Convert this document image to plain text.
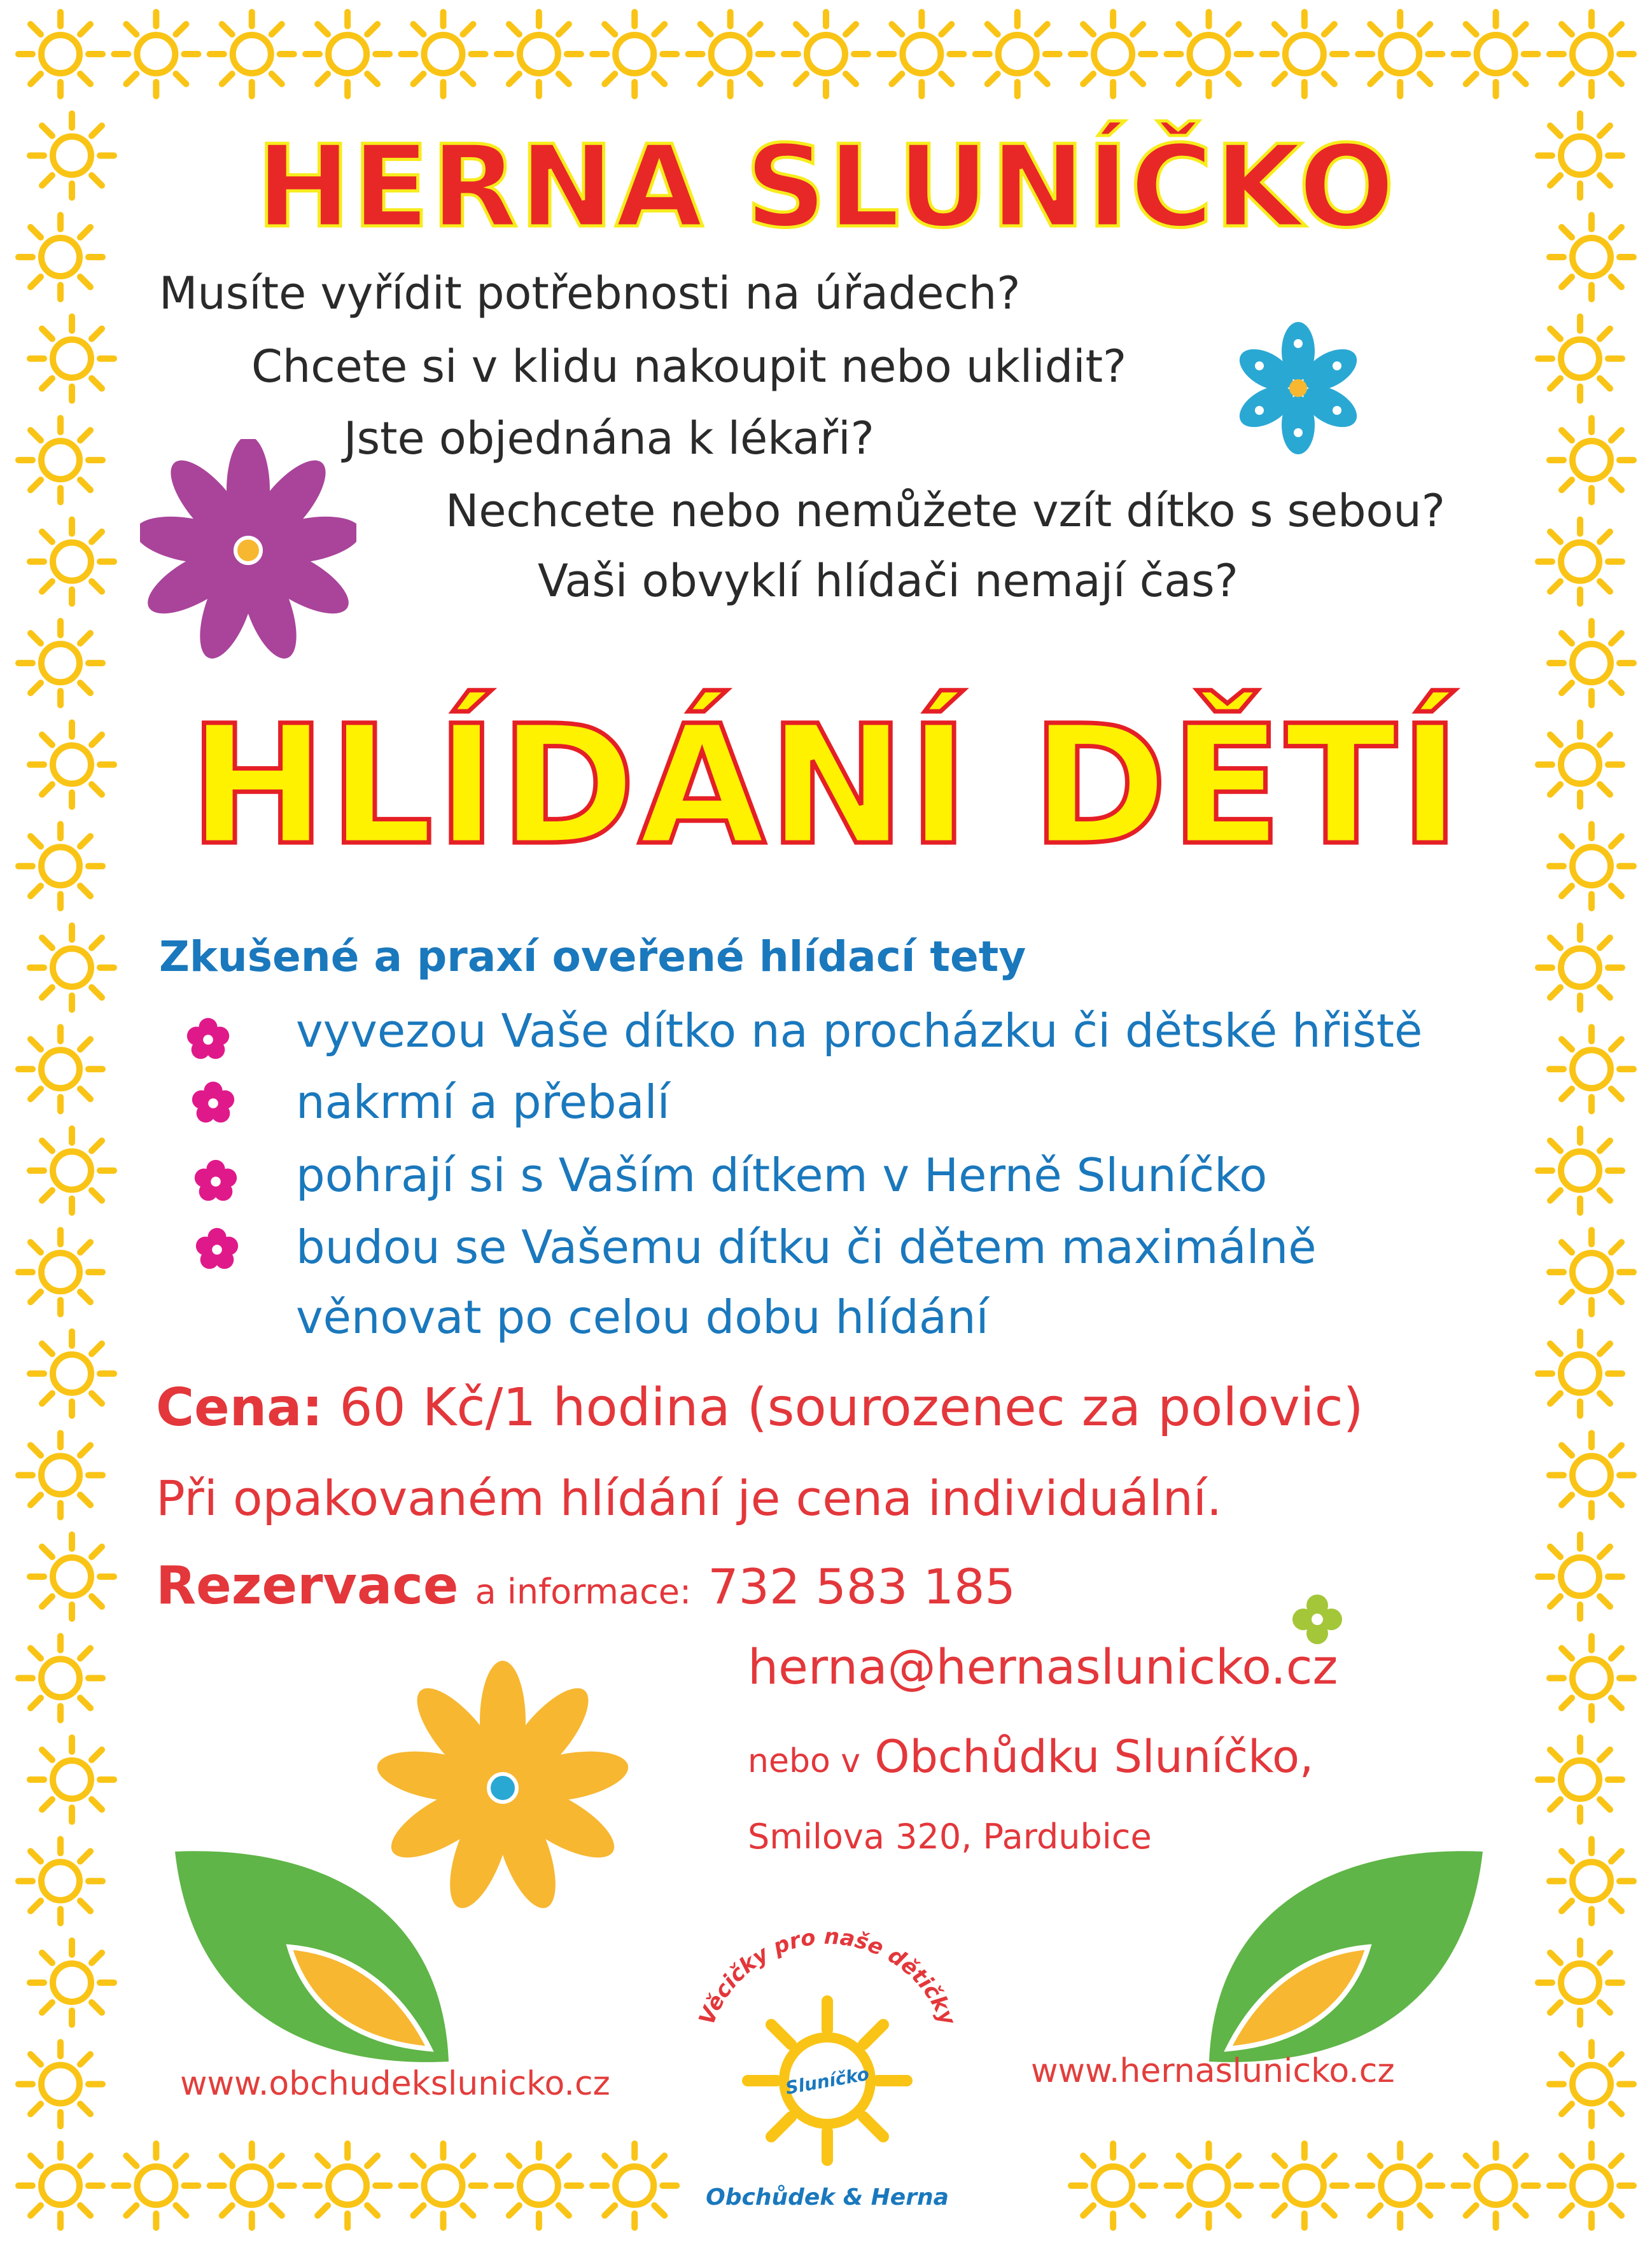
HERNA SLUNÍČKO
Musíte vyřídit potřebnosti na úřadech?
Chcete si v klidu nakoupit nebo uklidit?
Jste objednána k lékaři?
Nechcete nebo nemůžete vzít dítko s sebou?
Vaši obvyklí hlídači nemají čas?
HLÍDÁNÍ DĚTÍ
Zkušené a praxí oveřené hlídací tety
vyvezou Vaše dítko na procházku či dětské hřiště
nakrmí a přebalí
pohrají si s Vaším dítkem v Herně Sluníčko
budou se Vašemu dítku či dětem maximálně
věnovat po celou dobu hlídání
Cena: 60 Kč/1 hodina (sourozenec za polovic)
Při opakovaném hlídání je cena individuální.
Rezervace a informace: 732 583 185
herna@hernaslunicko.cz
nebo v Obchůdku Sluníčko,
Smilova 320, Pardubice
www.obchudekslunicko.cz	www.hernaslunicko.cz
Věcičky pro naše dětičky
Sluníčko
Obchůdek & Herna
